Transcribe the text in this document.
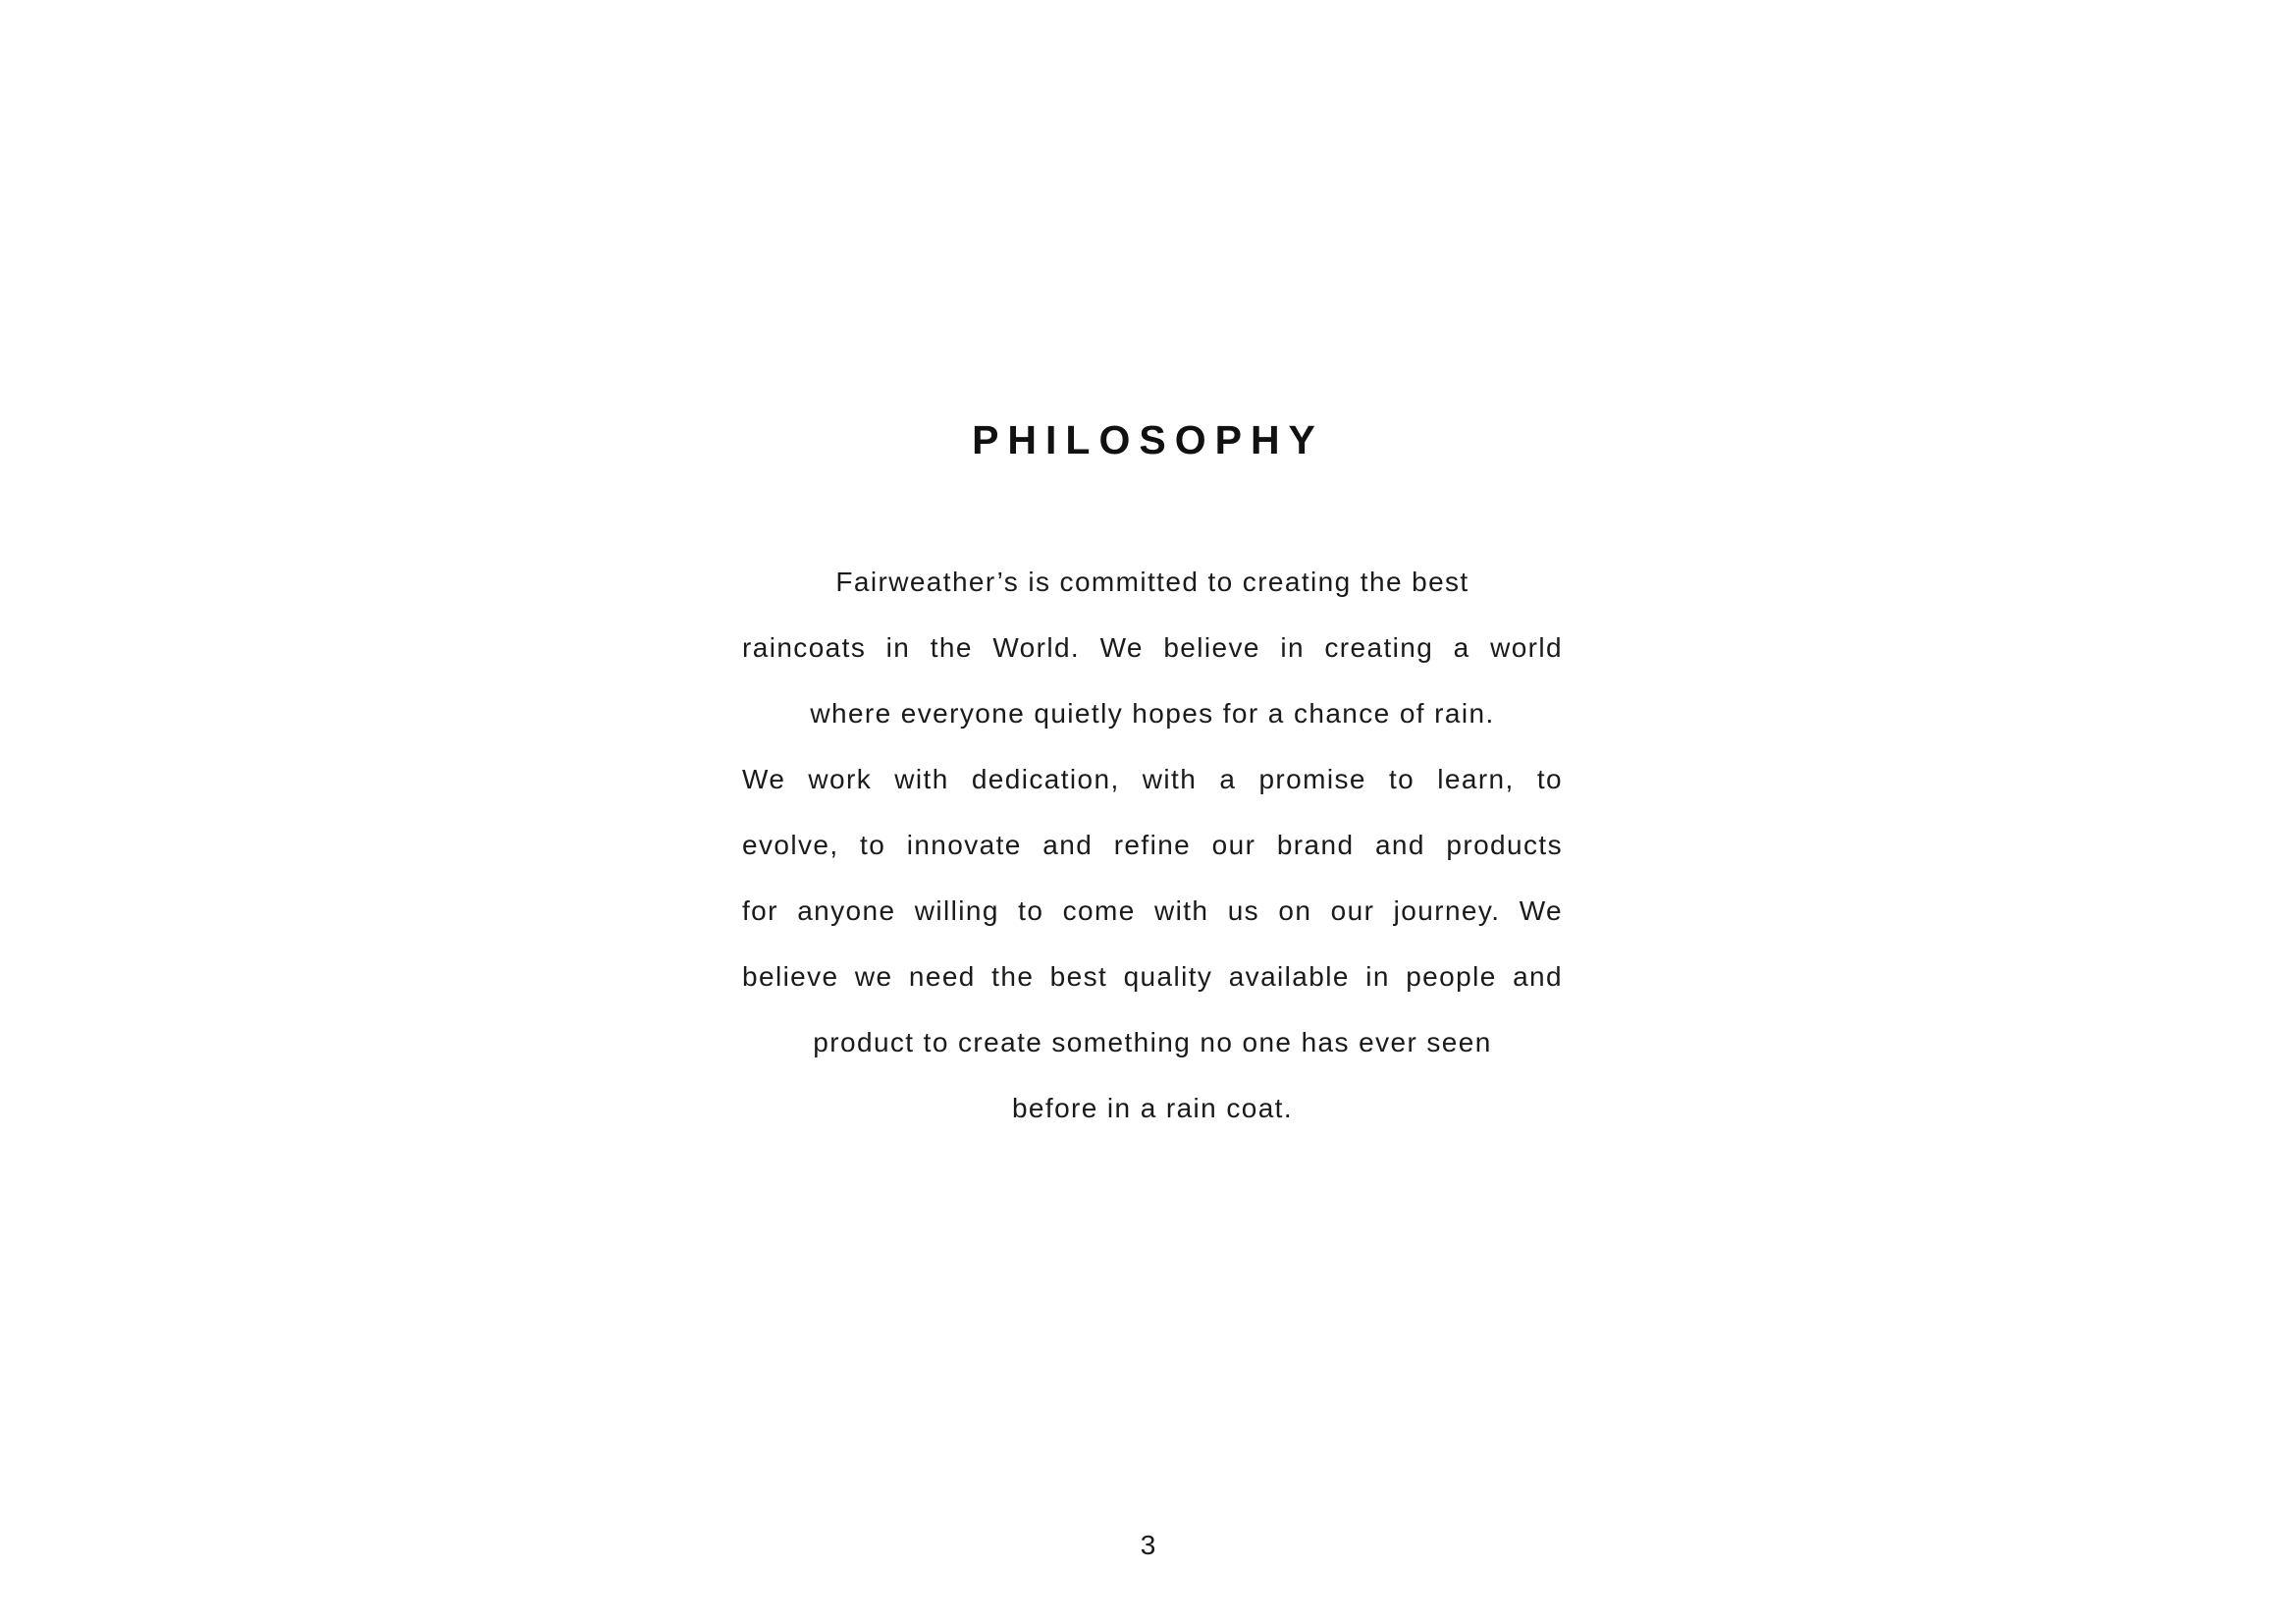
PHILOSOPHY
Fairweather’s is committed to creating the best
raincoats in the World. We believe in creating a world
where everyone quietly hopes for a chance of rain.
We work with dedication, with a promise to learn, to
evolve, to innovate and refine our brand and products
for anyone willing to come with us on our journey. We
believe we need the best quality available in people and
product to create something no one has ever seen
before in a rain coat.
3
